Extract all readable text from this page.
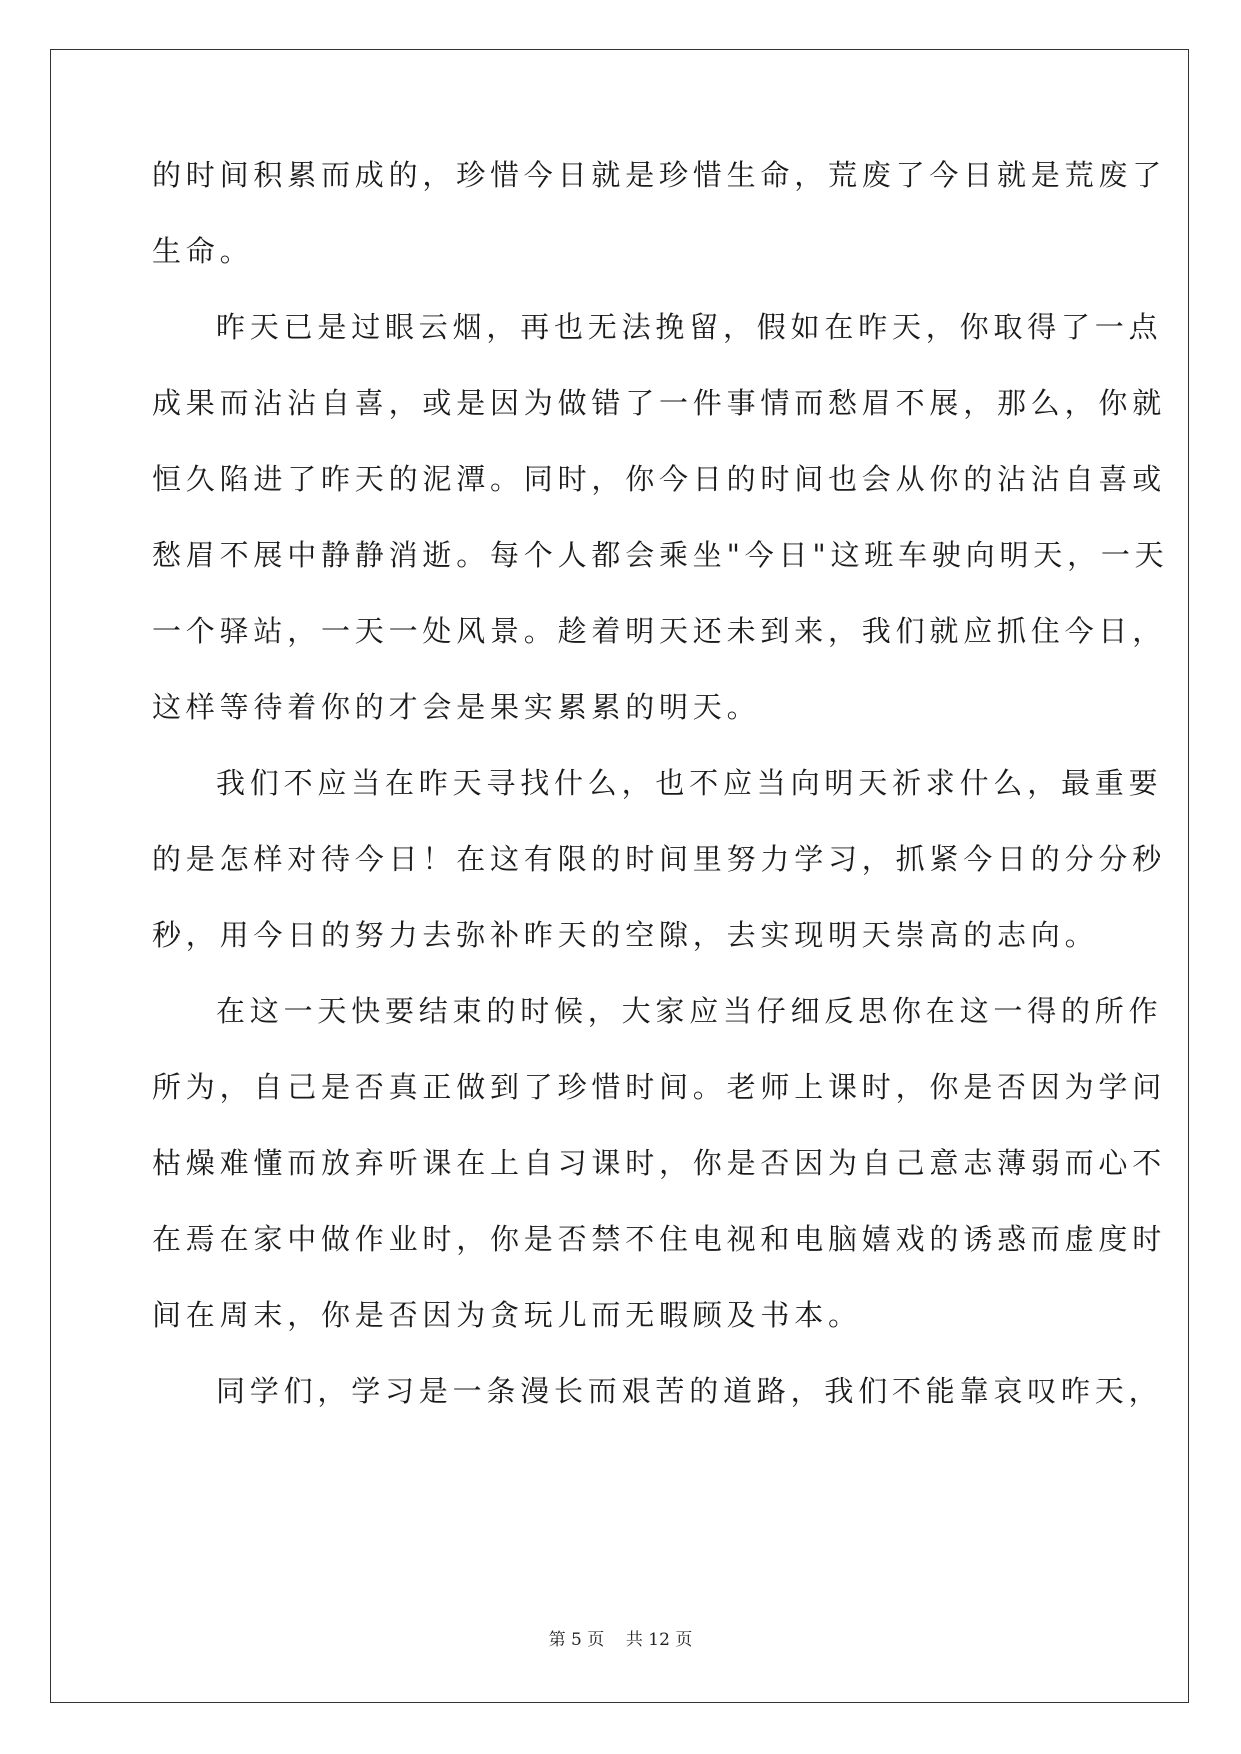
的时间积累而成的，珍惜今日就是珍惜生命，荒废了今日就是荒废了
生命。
昨天已是过眼云烟，再也无法挽留，假如在昨天，你取得了一点
成果而沾沾自喜，或是因为做错了一件事情而愁眉不展，那么，你就
恒久陷进了昨天的泥潭。同时，你今日的时间也会从你的沾沾自喜或
愁眉不展中静静消逝。每个人都会乘坐"今日"这班车驶向明天，一天
一个驿站，一天一处风景。趁着明天还未到来，我们就应抓住今日，
这样等待着你的才会是果实累累的明天。
我们不应当在昨天寻找什么，也不应当向明天祈求什么，最重要
的是怎样对待今日！在这有限的时间里努力学习，抓紧今日的分分秒
秒，用今日的努力去弥补昨天的空隙，去实现明天崇高的志向。
在这一天快要结束的时候，大家应当仔细反思你在这一得的所作
所为，自己是否真正做到了珍惜时间。老师上课时，你是否因为学问
枯燥难懂而放弃听课在上自习课时，你是否因为自己意志薄弱而心不
在焉在家中做作业时，你是否禁不住电视和电脑嬉戏的诱惑而虚度时
间在周末，你是否因为贪玩儿而无暇顾及书本。
同学们，学习是一条漫长而艰苦的道路，我们不能靠哀叹昨天，
第 5 页 共 12 页
